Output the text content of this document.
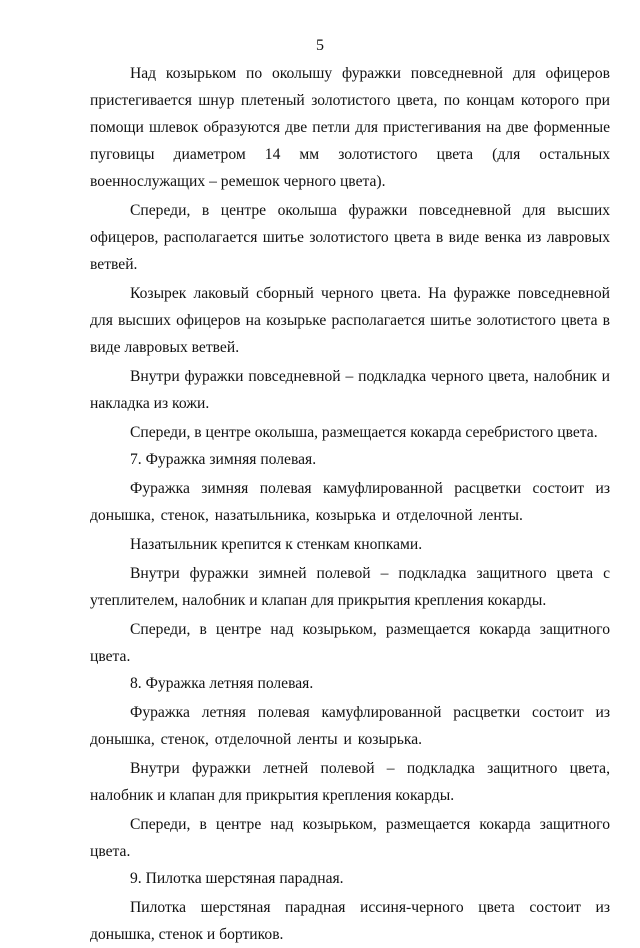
5

Над козырьком по околышу фуражки повседневной для офицеров пристегивается шнур плетеный золотистого цвета, по концам которого при помощи шлевок образуются две петли для пристегивания на две форменные пуговицы диаметром 14 мм золотистого цвета (для остальных военнослужащих – ремешок черного цвета).

Спереди, в центре околыша фуражки повседневной для высших офицеров, располагается шитье золотистого цвета в виде венка из лавровых ветвей.

Козырек лаковый сборный черного цвета. На фуражке повседневной для высших офицеров на козырьке располагается шитье золотистого цвета в виде лавровых ветвей.

Внутри фуражки повседневной – подкладка черного цвета, налобник и накладка из кожи.

Спереди, в центре околыша, размещается кокарда серебристого цвета.

7. Фуражка зимняя полевая.

Фуражка зимняя полевая камуфлированной расцветки состоит из донышка, стенок, назатыльника, козырька и отделочной ленты.

Назатыльник крепится к стенкам кнопками.

Внутри фуражки зимней полевой – подкладка защитного цвета с утеплителем, налобник и клапан для прикрытия крепления кокарды.

Спереди, в центре над козырьком, размещается кокарда защитного цвета.

8. Фуражка летняя полевая.

Фуражка летняя полевая камуфлированной расцветки состоит из донышка, стенок, отделочной ленты и козырька.

Внутри фуражки летней полевой – подкладка защитного цвета, налобник и клапан для прикрытия крепления кокарды.

Спереди, в центре над козырьком, размещается кокарда защитного цвета.

9. Пилотка шерстяная парадная.

Пилотка шерстяная парадная иссиня-черного цвета состоит из донышка, стенок и бортиков.
